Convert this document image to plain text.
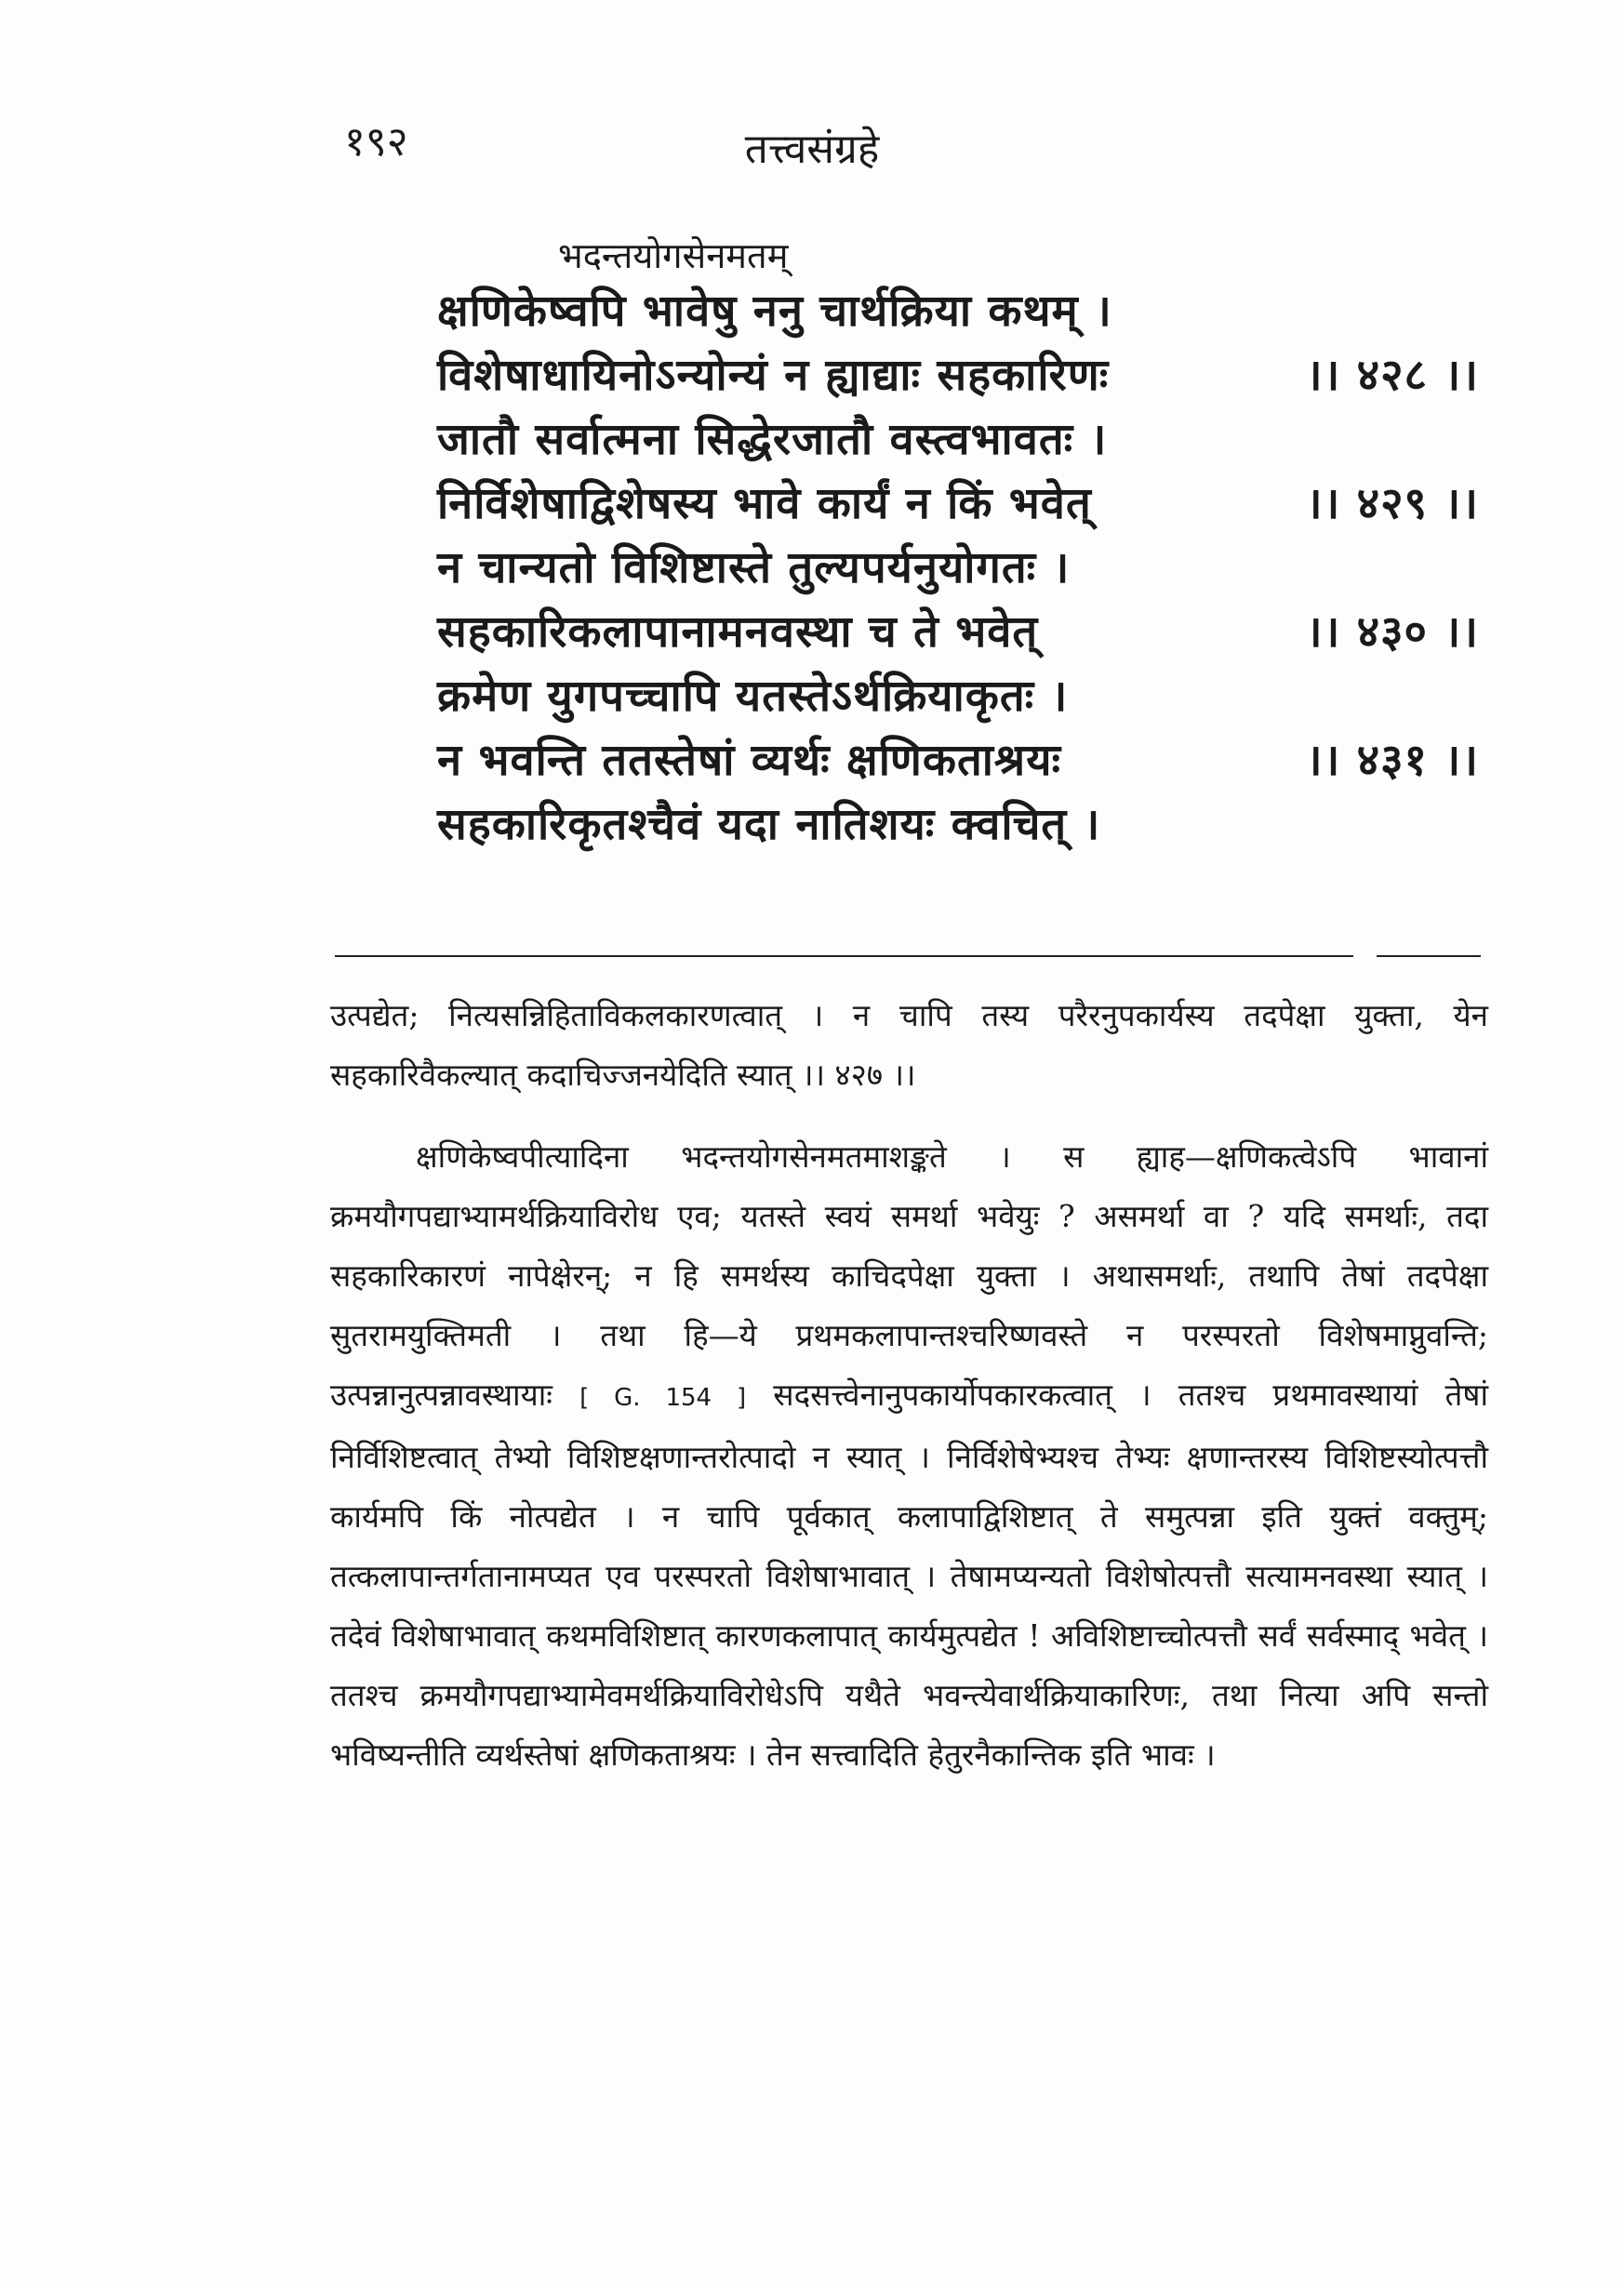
१९२	तत्त्वसंग्रहे
भदन्तयोगसेनमतम्
क्षणिकेष्वपि भावेषु ननु चार्थक्रिया कथम् ।
विशेषाधायिनोऽन्योन्यं न ह्याद्याः सहकारिणः	।। ४२८ ।।
जातौ सर्वात्मना सिद्धेरजातौ वस्त्वभावतः ।
निर्विशेषाद्विशेषस्य भावे कार्यं न किं भवेत्	।। ४२९ ।।
न चान्यतो विशिष्टास्ते तुल्यपर्यनुयोगतः ।
सहकारिकलापानामनवस्था च ते भवेत्	।। ४३० ।।
क्रमेण युगपच्चापि यतस्तेऽर्थक्रियाकृतः ।
न भवन्ति ततस्तेषां व्यर्थः क्षणिकताश्रयः	।। ४३१ ।।
सहकारिकृतश्चैवं यदा नातिशयः क्वचित् ।

उत्पद्येत; नित्यसन्निहिताविकलकारणत्वात् । न चापि तस्य परैरनुपकार्यस्य तदपेक्षा युक्ता, येन सहकारिवैकल्यात् कदाचिज्जनयेदिति स्यात् ।। ४२७ ।।

क्षणिकेष्वपीत्यादिना भदन्तयोगसेनमतमाशङ्कते । स ह्याह—क्षणिकत्वेऽपि भावानां क्रमयौगपद्याभ्यामर्थक्रियाविरोध एव; यतस्ते स्वयं समर्था भवेयुः ? असमर्था वा ? यदि समर्थाः, तदा सहकारिकारणं नापेक्षेरन्; न हि समर्थस्य काचिदपेक्षा युक्ता । अथासमर्थाः, तथापि तेषां तदपेक्षा सुतरामयुक्तिमती । तथा हि—ये प्रथमकलापान्तश्चरिष्णवस्ते न परस्परतो विशेषमाप्नुवन्ति; उत्पन्नानुत्पन्नावस्थायाः [ G. 154 ] सदसत्त्वेनानुपकार्योपकारकत्वात् । ततश्च प्रथमावस्थायां तेषां निर्विशिष्टत्वात् तेभ्यो विशिष्टक्षणान्तरोत्पादो न स्यात् । निर्विशेषेभ्यश्च तेभ्यः क्षणान्तरस्य विशिष्टस्योत्पत्तौ कार्यमपि किं नोत्पद्येत । न चापि पूर्वकात् कलापाद्विशिष्टात् ते समुत्पन्ना इति युक्तं वक्तुम्; तत्कलापान्तर्गतानामप्यत एव परस्परतो विशेषाभावात् । तेषामप्यन्यतो विशेषोत्पत्तौ सत्यामनवस्था स्यात् । तदेवं विशेषाभावात् कथमविशिष्टात् कारणकलापात् कार्यमुत्पद्येत ! अविशिष्टाच्चोत्पत्तौ सर्वं सर्वस्माद् भवेत् । ततश्च क्रमयौगपद्याभ्यामेवमर्थक्रियाविरोधेऽपि यथैते भवन्त्येवार्थक्रियाकारिणः, तथा नित्या अपि सन्तो भविष्यन्तीति व्यर्थस्तेषां क्षणिकताश्रयः । तेन सत्त्वादिति हेतुरनैकान्तिक इति भावः ।
